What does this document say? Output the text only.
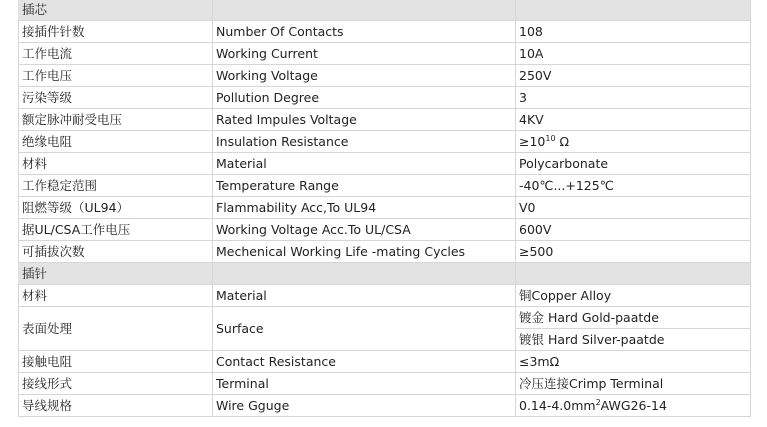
插芯		
接插件针数	Number Of Contacts	108
工作电流	Working Current	10A
工作电压	Working Voltage	250V
污染等级	Pollution Degree	3
额定脉冲耐受电压	Rated Impules Voltage	4KV
绝缘电阻	Insulation Resistance	$\ge 10^{10}$ Ω
材料	Material	Polycarbonate
工作稳定范围	Temperature Range	-40℃...+125℃
阻燃等级（UL94）	Flammability Acc,To UL94	V0
据UL/CSA工作电压	Working Voltage Acc.To UL/CSA	600V
可插拔次数	Mechenical Working Life -mating Cycles	≥500
插针		
材料	Material	铜Copper Alloy
表面处理	Surface	镀金 Hard Gold-paatde
		镀银 Hard Silver-paatde
接触电阻	Contact Resistance	≤3mΩ
接线形式	Terminal	冷压连接Crimp Terminal
导线规格	Wire Gguge	$0.14-4.0mm^2AWG26-14$
